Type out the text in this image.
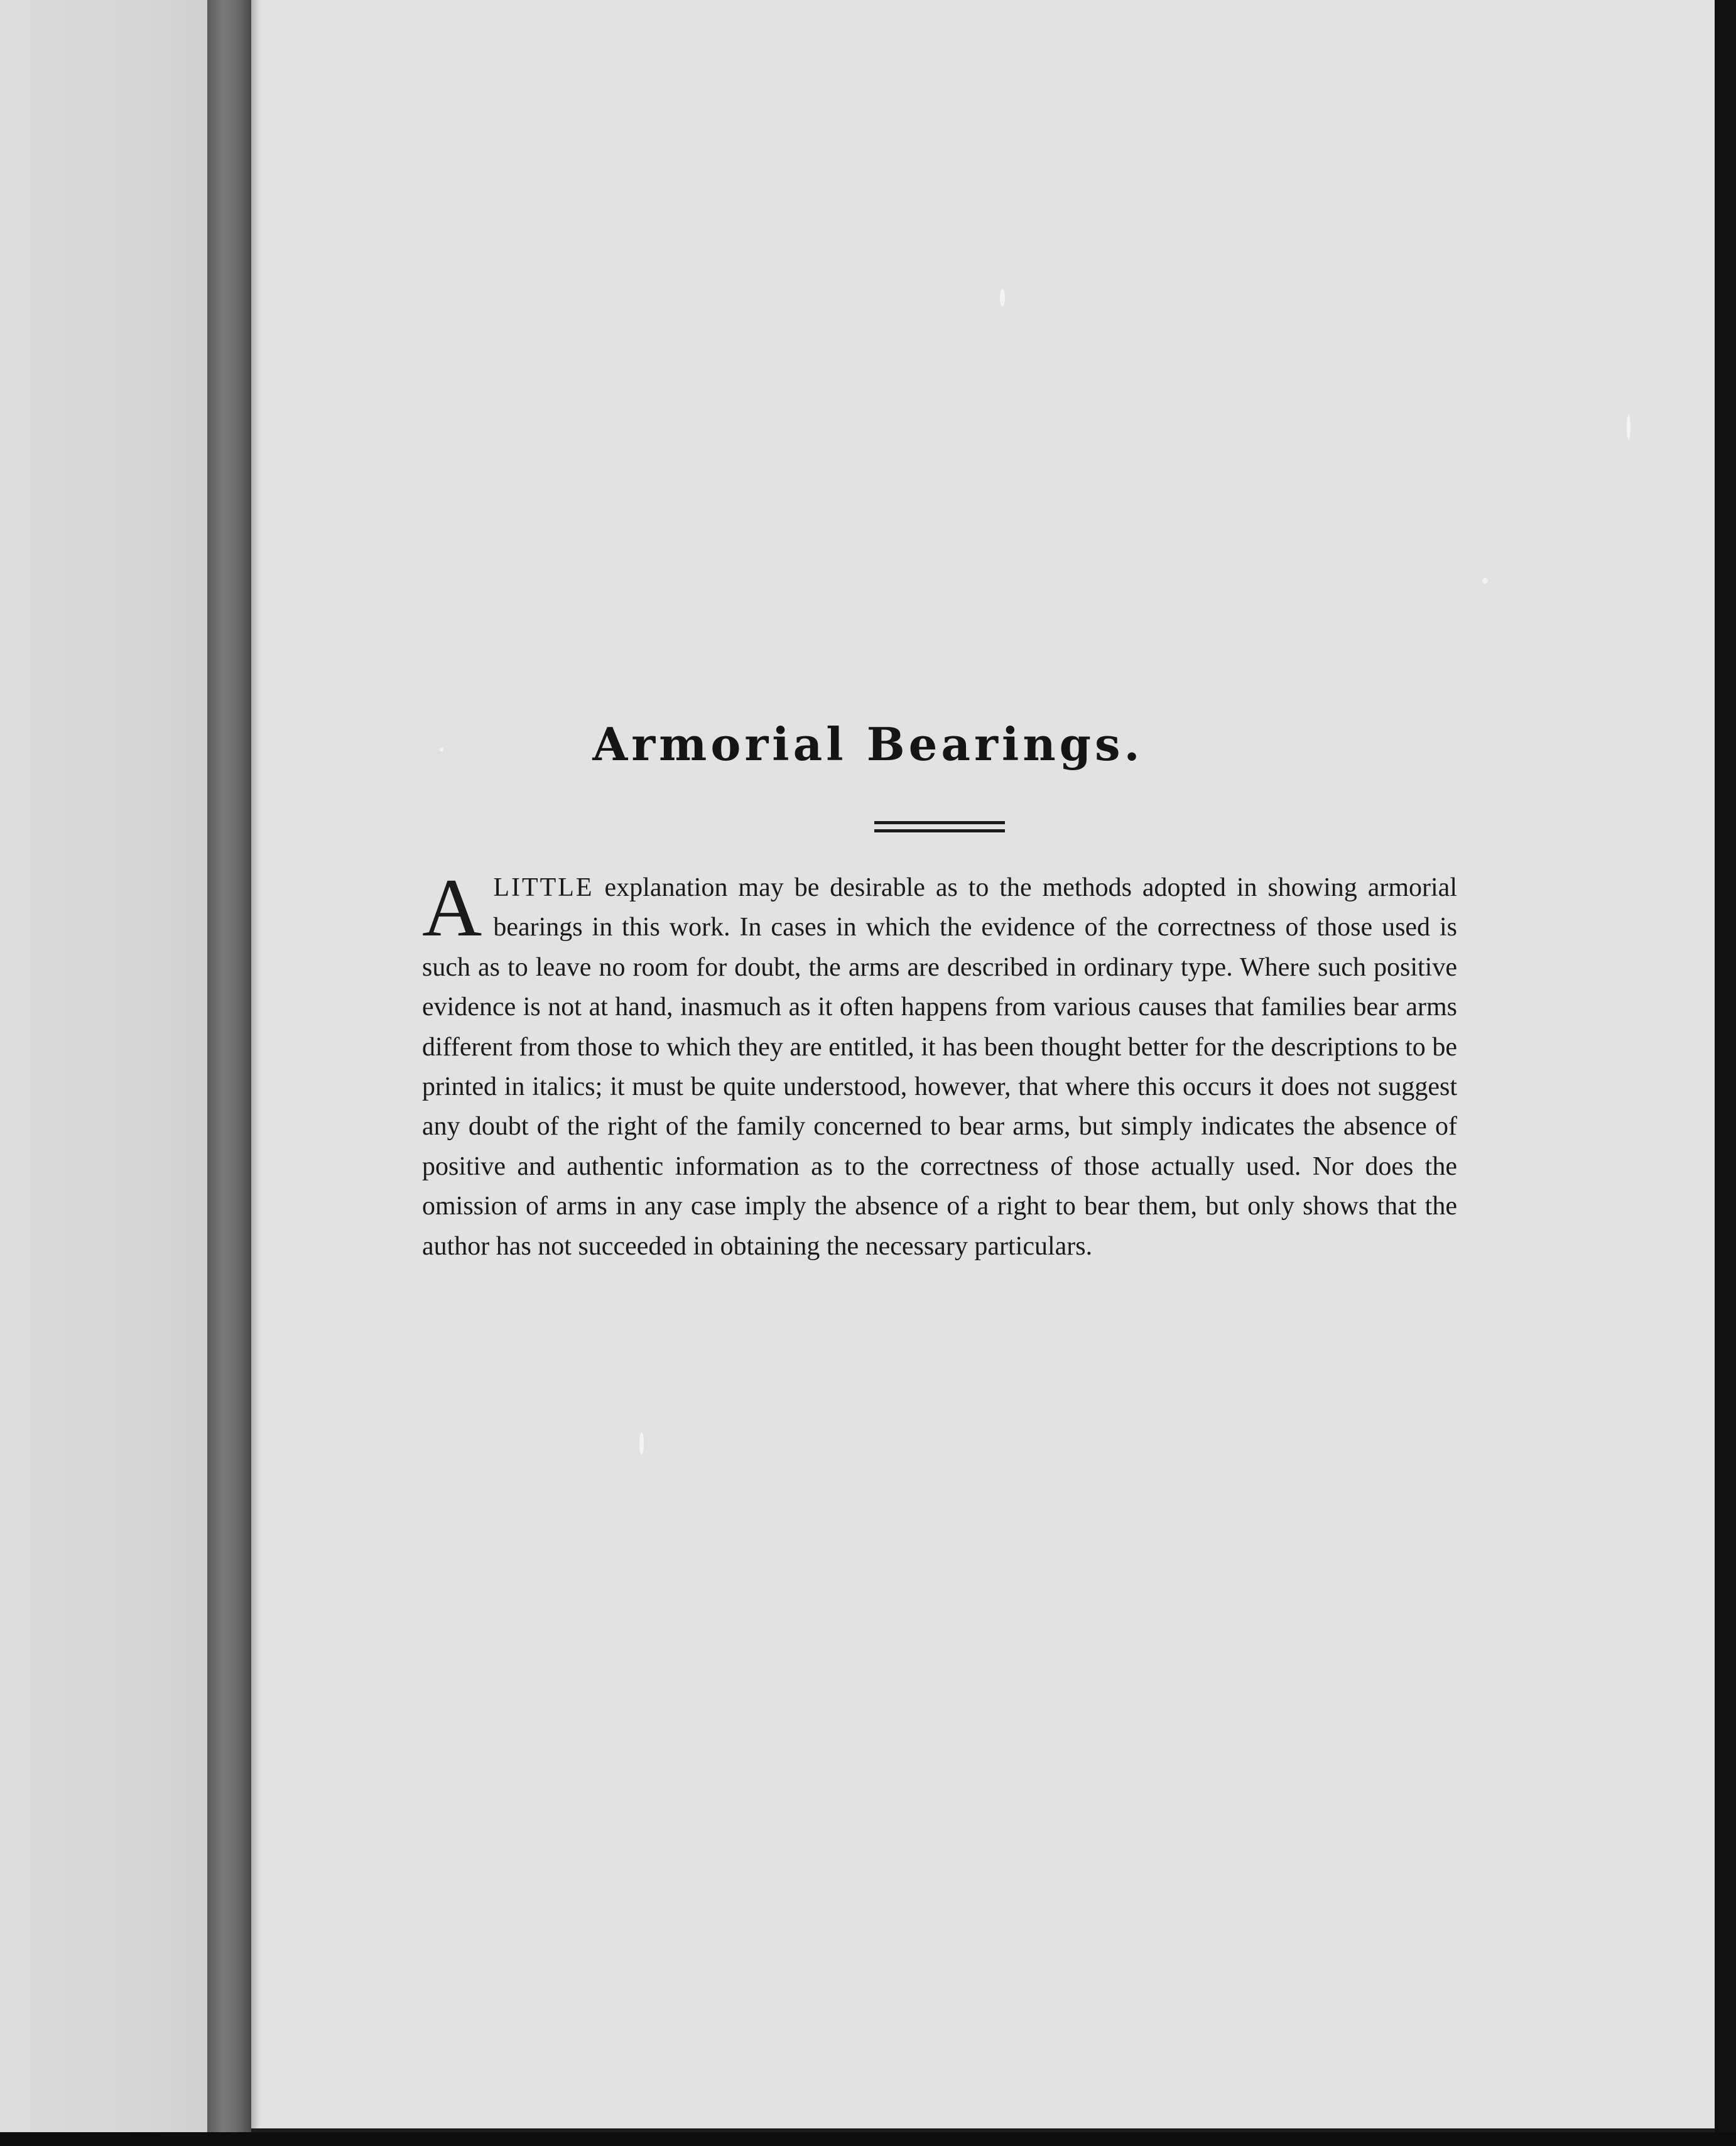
Armorial Bearings.
ALITTLE explanation may be desirable as to the methods adopted in showing armorial bearings in this work. In cases in which the evidence of the correctness of those used is such as to leave no room for doubt, the arms are described in ordinary type. Where such positive evidence is not at hand, inasmuch as it often happens from various causes that families bear arms different from those to which they are entitled, it has been thought better for the descriptions to be printed in italics; it must be quite understood, however, that where this occurs it does not suggest any doubt of the right of the family concerned to bear arms, but simply indicates the absence of positive and authentic information as to the correctness of those actually used. Nor does the omission of arms in any case imply the absence of a right to bear them, but only shows that the author has not succeeded in obtaining the necessary particulars.
